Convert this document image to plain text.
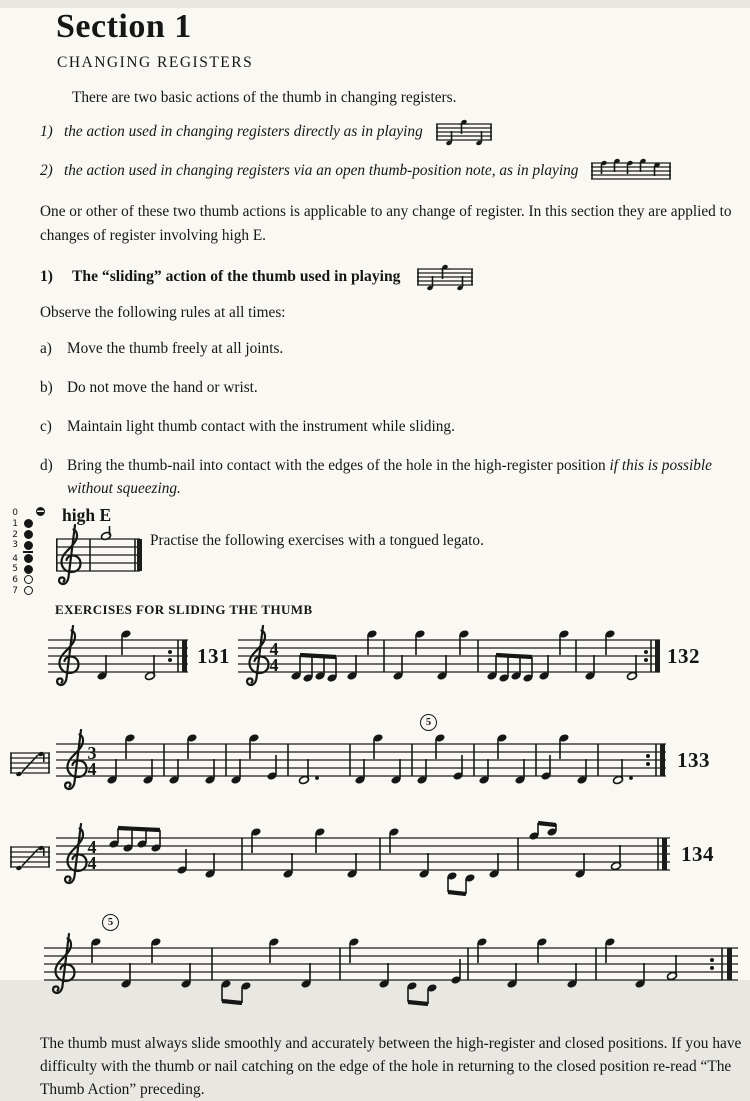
Section 1
CHANGING REGISTERS

There are two basic actions of the thumb in changing registers.

1) the action used in changing registers directly as in playing
2) the action used in changing registers via an open thumb-position note, as in playing

One or other of these two thumb actions is applicable to any change of register. In this section they are applied to changes of register involving high E.

1)	The “sliding” action of the thumb used in playing

Observe the following rules at all times:

a) Move the thumb freely at all joints.
b) Do not move the hand or wrist.
c) Maintain light thumb contact with the instrument while sliding.
d) Bring the thumb-nail into contact with the edges of the hole in the high-register position if this is possible without squeezing.
0
1
2
3
4
5
6
7
high E
Practise the following exercises with a tongued legato.
EXERCISES FOR SLIDING THE THUMB
131 4
4	132
5
3
4	133
4
4	134
5

The thumb must always slide smoothly and accurately between the high-register and closed positions. If you have difficulty with the thumb or nail catching on the edge of the hole in returning to the closed position re-read “The Thumb Action” preceding.
